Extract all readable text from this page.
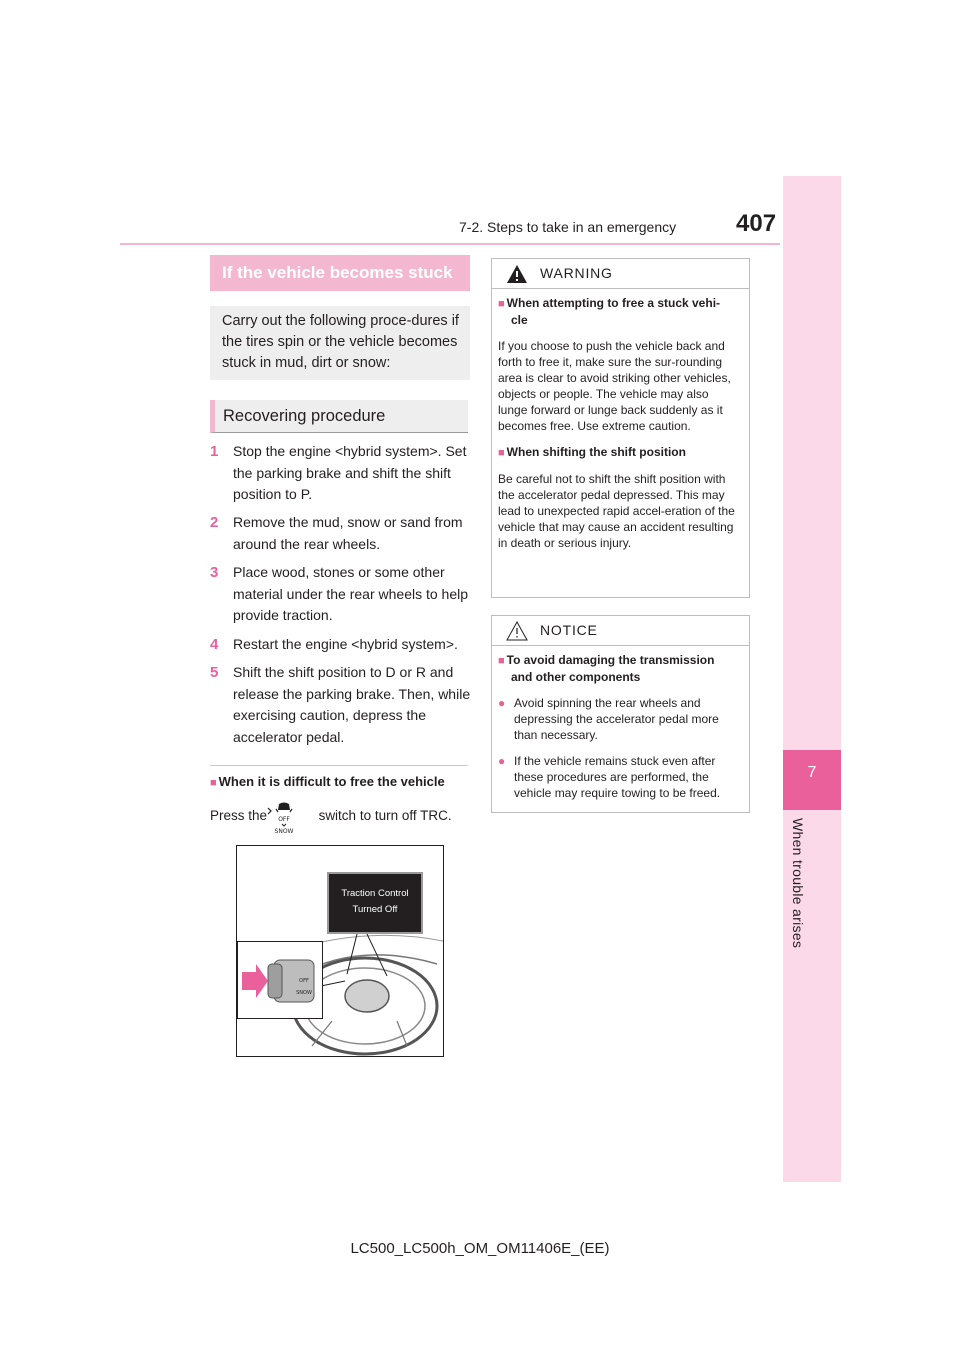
7-2. Steps to take in an emergency 407
7
When trouble arises
If the vehicle becomes stuck
Carry out the following proce-dures if the tires spin or the vehicle becomes stuck in mud, dirt or snow:
Recovering procedure
1 Stop the engine <hybrid system>. Set the parking brake and shift the shift position to P.
2 Remove the mud, snow or sand from around the rear wheels.
3 Place wood, stones or some other material under the rear wheels to help provide traction.
4 Restart the engine <hybrid system>.
5 Shift the shift position to D or R and release the parking brake. Then, while exercising caution, depress the accelerator pedal.
■ When it is difficult to free the vehicle
Press the	switch to turn off TRC.
OFF
SNOW
Traction Control
Turned Off
OFF
SNOW
WARNING
■ When attempting to free a stuck vehi-cle

If you choose to push the vehicle back and forth to free it, make sure the sur-rounding area is clear to avoid striking other vehicles, objects or people. The vehicle may also lunge forward or lunge back suddenly as it becomes free. Use extreme caution.

■ When shifting the shift position

Be careful not to shift the shift position with the accelerator pedal depressed. This may lead to unexpected rapid accel-eration of the vehicle that may cause an accident resulting in death or serious injury.

NOTICE
■ To avoid damaging the transmission and other components
● Avoid spinning the rear wheels and depressing the accelerator pedal more than necessary.
● If the vehicle remains stuck even after these procedures are performed, the vehicle may require towing to be freed.
LC500_LC500h_OM_OM11406E_(EE)
